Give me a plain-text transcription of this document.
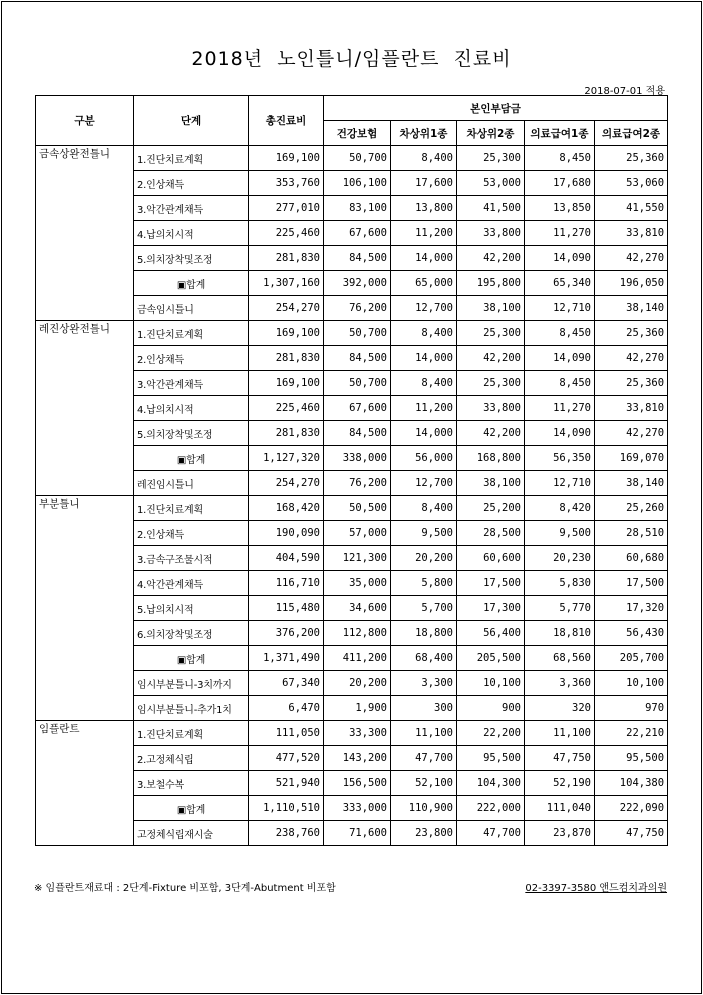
2018년  노인틀니/임플란트  진료비
2018-07-01 적용
구분	단계	총진료비	본인부담금				
			건강보험	차상위1종	차상위2종	의료급여1종	의료급여2종
금속상완전틀니	1.진단치료계획	169,100	50,700	8,400	25,300	8,450	25,360
	2.인상채득	353,760	106,100	17,600	53,000	17,680	53,060
	3.악간관계채득	277,010	83,100	13,800	41,500	13,850	41,550
	4.납의치시적	225,460	67,600	11,200	33,800	11,270	33,810
	5.의치장착및조정	281,830	84,500	14,000	42,200	14,090	42,270
	▣합계	1,307,160	392,000	65,000	195,800	65,340	196,050
	금속임시틀니	254,270	76,200	12,700	38,100	12,710	38,140
레진상완전틀니	1.진단치료계획	169,100	50,700	8,400	25,300	8,450	25,360
	2.인상채득	281,830	84,500	14,000	42,200	14,090	42,270
	3.악간관계채득	169,100	50,700	8,400	25,300	8,450	25,360
	4.납의치시적	225,460	67,600	11,200	33,800	11,270	33,810
	5.의치장착및조정	281,830	84,500	14,000	42,200	14,090	42,270
	▣합계	1,127,320	338,000	56,000	168,800	56,350	169,070
	레진임시틀니	254,270	76,200	12,700	38,100	12,710	38,140
부분틀니	1.진단치료계획	168,420	50,500	8,400	25,200	8,420	25,260
	2.인상채득	190,090	57,000	9,500	28,500	9,500	28,510
	3.금속구조물시적	404,590	121,300	20,200	60,600	20,230	60,680
	4.악간관계채득	116,710	35,000	5,800	17,500	5,830	17,500
	5.납의치시적	115,480	34,600	5,700	17,300	5,770	17,320
	6.의치장착및조정	376,200	112,800	18,800	56,400	18,810	56,430
	▣합계	1,371,490	411,200	68,400	205,500	68,560	205,700
	임시부분틀니-3치까지	67,340	20,200	3,300	10,100	3,360	10,100
	임시부분틀니-추가1치	6,470	1,900	300	900	320	970
임플란트	1.진단치료계획	111,050	33,300	11,100	22,200	11,100	22,210
	2.고정체식립	477,520	143,200	47,700	95,500	47,750	95,500
	3.보철수복	521,940	156,500	52,100	104,300	52,190	104,380
	▣합계	1,110,510	333,000	110,900	222,000	111,040	222,090
	고정체식립재시술	238,760	71,600	23,800	47,700	23,870	47,750
※ 임플란트재료대 : 2단계-Fixture 비포함, 3단계-Abutment 비포함	02-3397-3580 앤드컴치과의원
